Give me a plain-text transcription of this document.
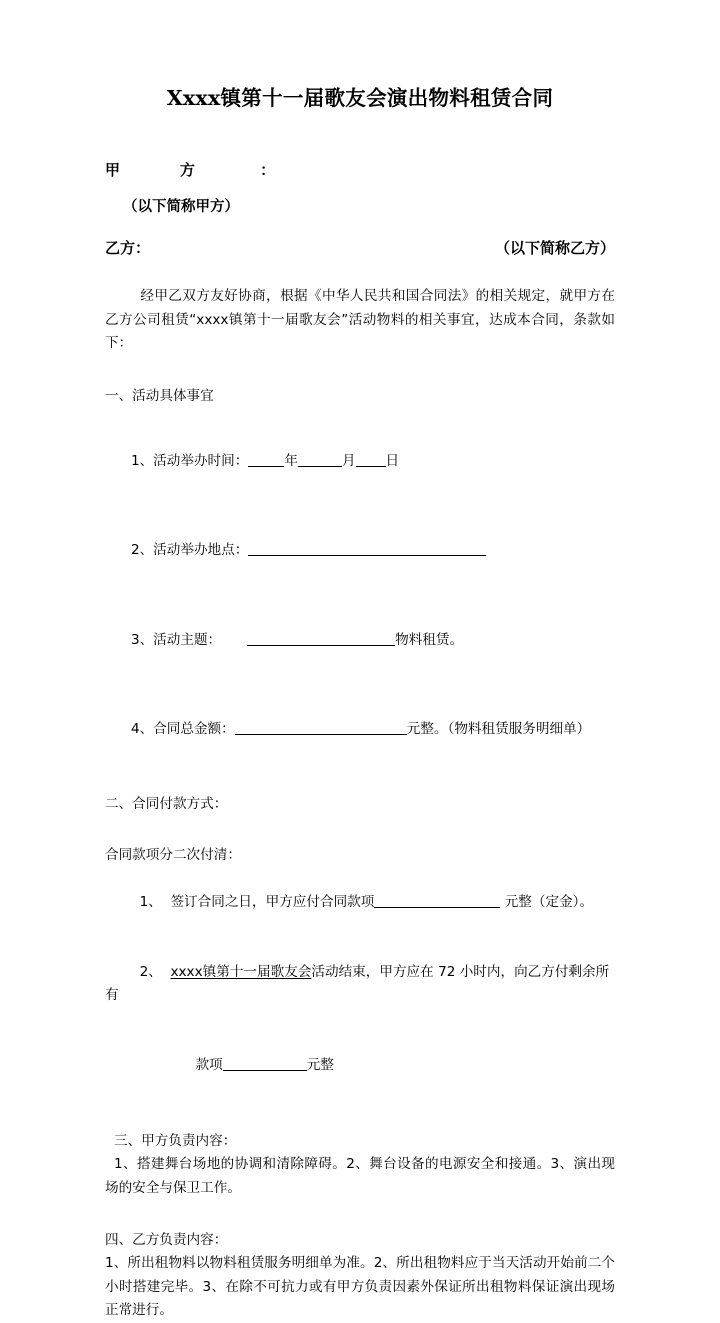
Xxxx镇第十一届歌友会演出物料租赁合同
甲           方            ：
（以下简称甲方）
乙方：	（以下简称乙方）

经甲乙双方友好协商，根据《中华人民共和国合同法》的相关规定，就甲方在乙方公司租赁“xxxx镇第十一届歌友会”活动物料的相关事宜，达成本合同，条款如下：

一、活动具体事宜

1、活动举办时间：	年	月 日

2、活动举办地点：

3、活动主题：	物料租赁。

4、合同总金额：	元整。（物料租赁服务明细单）

二、合同付款方式：
合同款项分二次付清：

1、  签订合同之日，甲方应付合同款项	元整（定金）。

2、  xxxx镇第十一届歌友会活动结束，甲方应在 72 小时内，向乙方付剩余所有

款项	元整

三、甲方负责内容：
1、搭建舞台场地的协调和清除障碍。2、舞台设备的电源安全和接通。3、演出现场的安全与保卫工作。
四、乙方负责内容：
1、所出租物料以物料租赁服务明细单为准。2、所出租物料应于当天活动开始前二个小时搭建完毕。3、在除不可抗力或有甲方负责因素外保证所出租物料保证演出现场正常进行。
